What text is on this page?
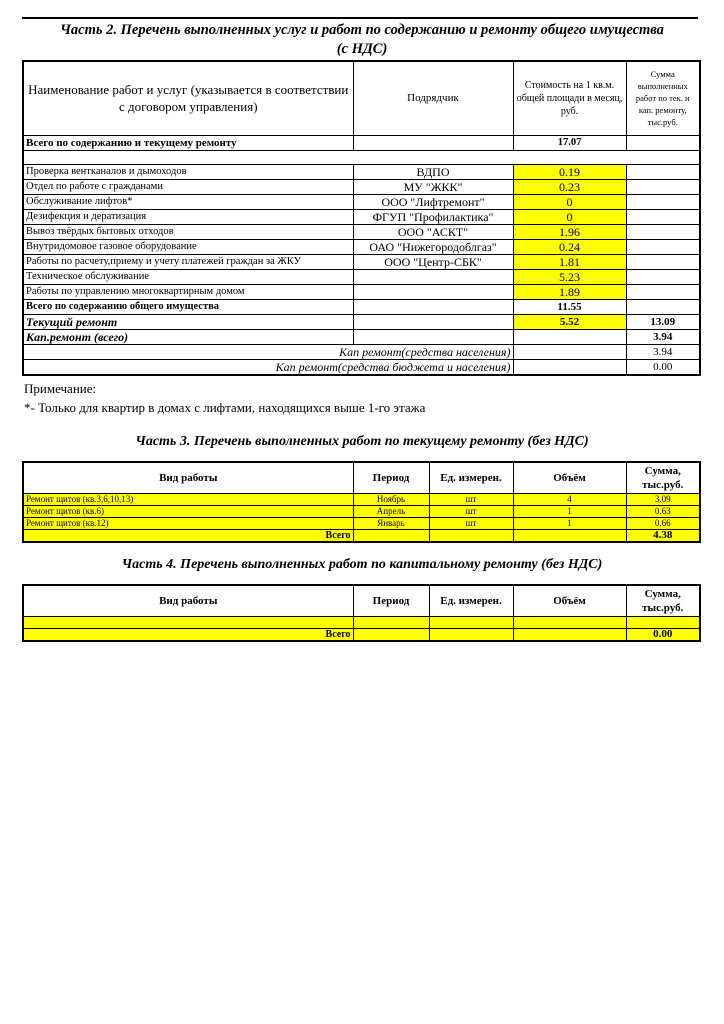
Часть 2. Перечень выполненных услуг и работ по содержанию и ремонту общего имущества
(с НДС)
Наименование работ и услуг (указывается в соответствии с договором управления)	Подрядчик	Стоимость на 1 кв.м. общей площади в месяц, руб.	Сумма выполненных работ по тек. и кап. ремонту, тыс.руб.
Всего по содержанию и текущему ремонту		17.07	

Проверка вентканалов и дымоходов	ВДПО	0.19	
Отдел по работе с гражданами	МУ "ЖКК"	0.23	
Обслуживание лифтов*	ООО "Лифтремонт"	0	
Дезифекция и дератизация	ФГУП "Профилактика"	0	
Вывоз твёрдых бытовых отходов	ООО "АСКТ"	1.96	
Внутридомовое газовое оборудование	ОАО "Нижегородоблгаз"	0.24	
Работы по расчету,приему и учету платежей граждан за ЖКУ	ООО "Центр-СБК"	1.81	
Техническое обслуживание		5.23	
Работы по управлению многоквартирным домом		1.89	
Всего по содержанию общего имущества		11.55	
Текущий ремонт		5.52	13.09
Кап.ремонт (всего)			3.94
Кап ремонт(средства населения)			3.94
Кап ремонт(средства бюджета и населения)			0.00
Примечание:
*- Только для квартир в домах с лифтами, находящихся выше 1-го этажа
Часть 3. Перечень выполненных работ по текущему ремонту (без НДС)
Вид работы	Период	Ед. измерен.	Объём	Сумма, тыс.руб.
Ремонт щитов (кв.3,6,10,13)	Ноябрь	шт	4	3.09
Ремонт щитов (кв.6)	Апрель	шт	1	0.63
Ремонт щитов (кв.12)	Январь	шт	1	0.66
Всего				4.38
Часть 4. Перечень выполненных работ по капитальному ремонту (без НДС)
Вид работы	Период	Ед. измерен.	Объём	Сумма, тыс.руб.

Всего				0.00
